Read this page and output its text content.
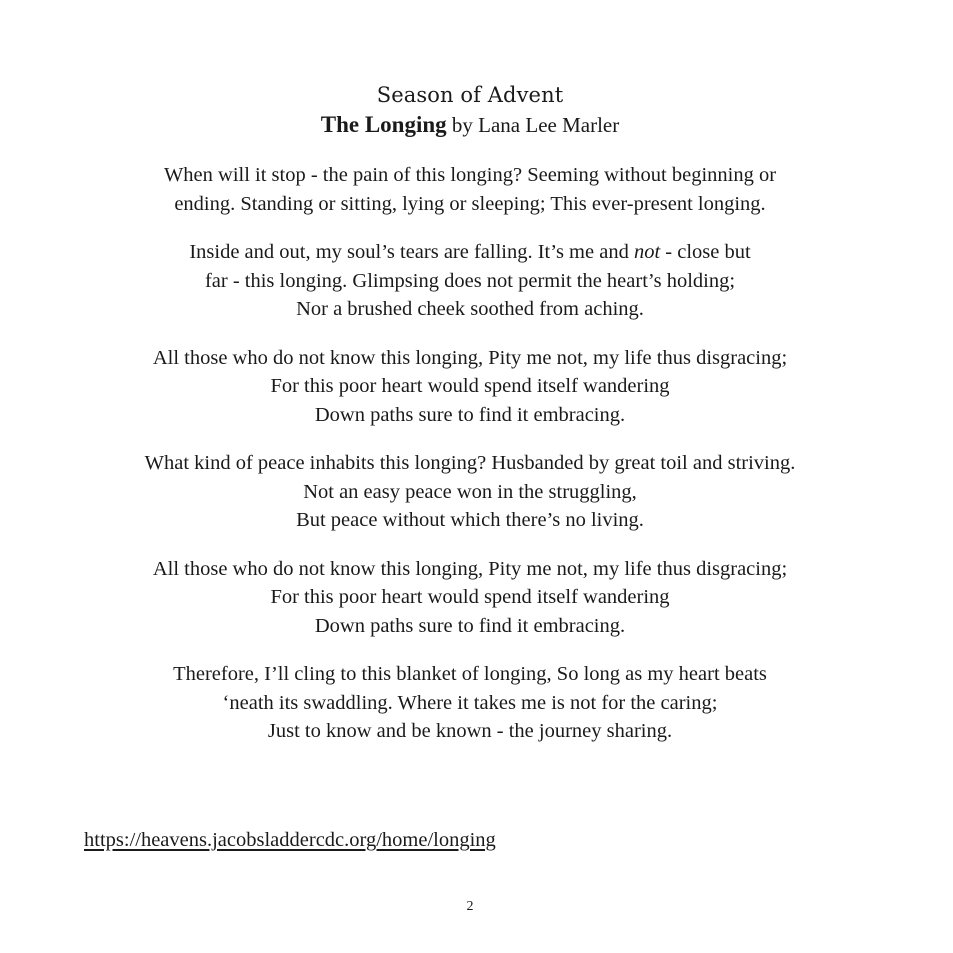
Season of Advent
The Longing by Lana Lee Marler
When will it stop - the pain of this longing? Seeming without beginning or
ending. Standing or sitting, lying or sleeping; This ever-present longing.
Inside and out, my soul’s tears are falling. It’s me and not - close but
far - this longing. Glimpsing does not permit the heart’s holding;
Nor a brushed cheek soothed from aching.
All those who do not know this longing, Pity me not, my life thus disgracing;
For this poor heart would spend itself wandering
Down paths sure to find it embracing.
What kind of peace inhabits this longing? Husbanded by great toil and striving.
Not an easy peace won in the struggling,
But peace without which there’s no living.
All those who do not know this longing, Pity me not, my life thus disgracing;
For this poor heart would spend itself wandering
Down paths sure to find it embracing.
Therefore, I’ll cling to this blanket of longing, So long as my heart beats
‘neath its swaddling. Where it takes me is not for the caring;
Just to know and be known - the journey sharing.
https://heavens.jacobsladdercdc.org/home/longing
2
